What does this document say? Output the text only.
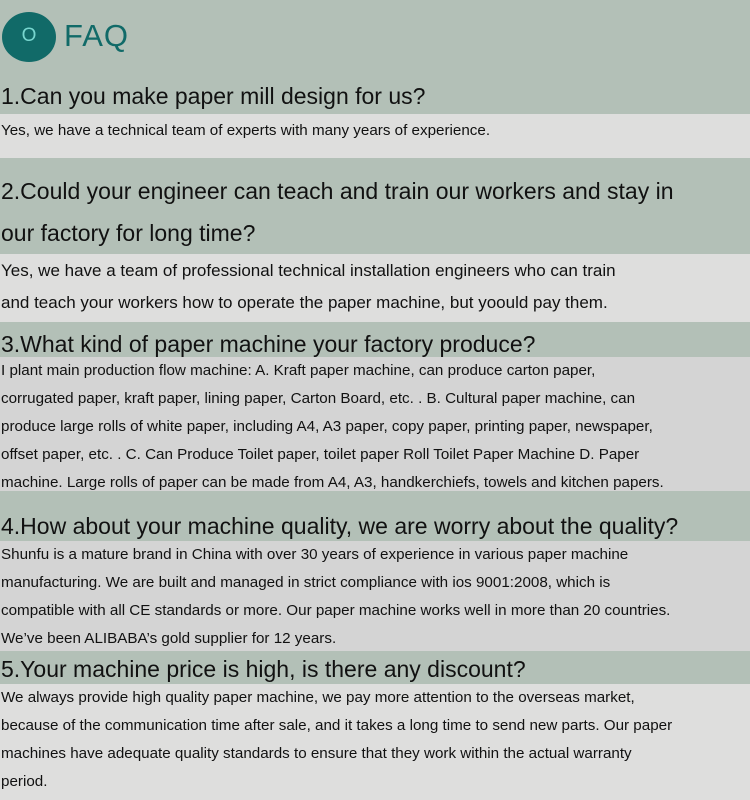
O FAQ
1.Can you make paper mill design for us?
Yes, we have a technical team of experts with many years of experience.
2.Could your engineer can teach and train our workers and stay in
our factory for long time?
Yes, we have a team of professional technical installation engineers who can train
and teach your workers how to operate the paper machine, but yoould pay them.
3.What kind of paper machine your factory produce?
I plant main production flow machine: A. Kraft paper machine, can produce carton paper,
corrugated paper, kraft paper, lining paper, Carton Board, etc. . B. Cultural paper machine, can
produce large rolls of white paper, including A4, A3 paper, copy paper, printing paper, newspaper,
offset paper, etc. . C. Can Produce Toilet paper, toilet paper Roll Toilet Paper Machine D. Paper
machine. Large rolls of paper can be made from A4, A3, handkerchiefs, towels and kitchen papers.
4.How about your machine quality, we are worry about the quality?
Shunfu is a mature brand in China with over 30 years of experience in various paper machine
manufacturing. We are built and managed in strict compliance with ios 9001:2008, which is
compatible with all CE standards or more. Our paper machine works well in more than 20 countries.
We’ve been ALIBABA’s gold supplier for 12 years.
5.Your machine price is high, is there any discount?
We always provide high quality paper machine, we pay more attention to the overseas market,
because of the communication time after sale, and it takes a long time to send new parts. Our paper
machines have adequate quality standards to ensure that they work within the actual warranty
period.
